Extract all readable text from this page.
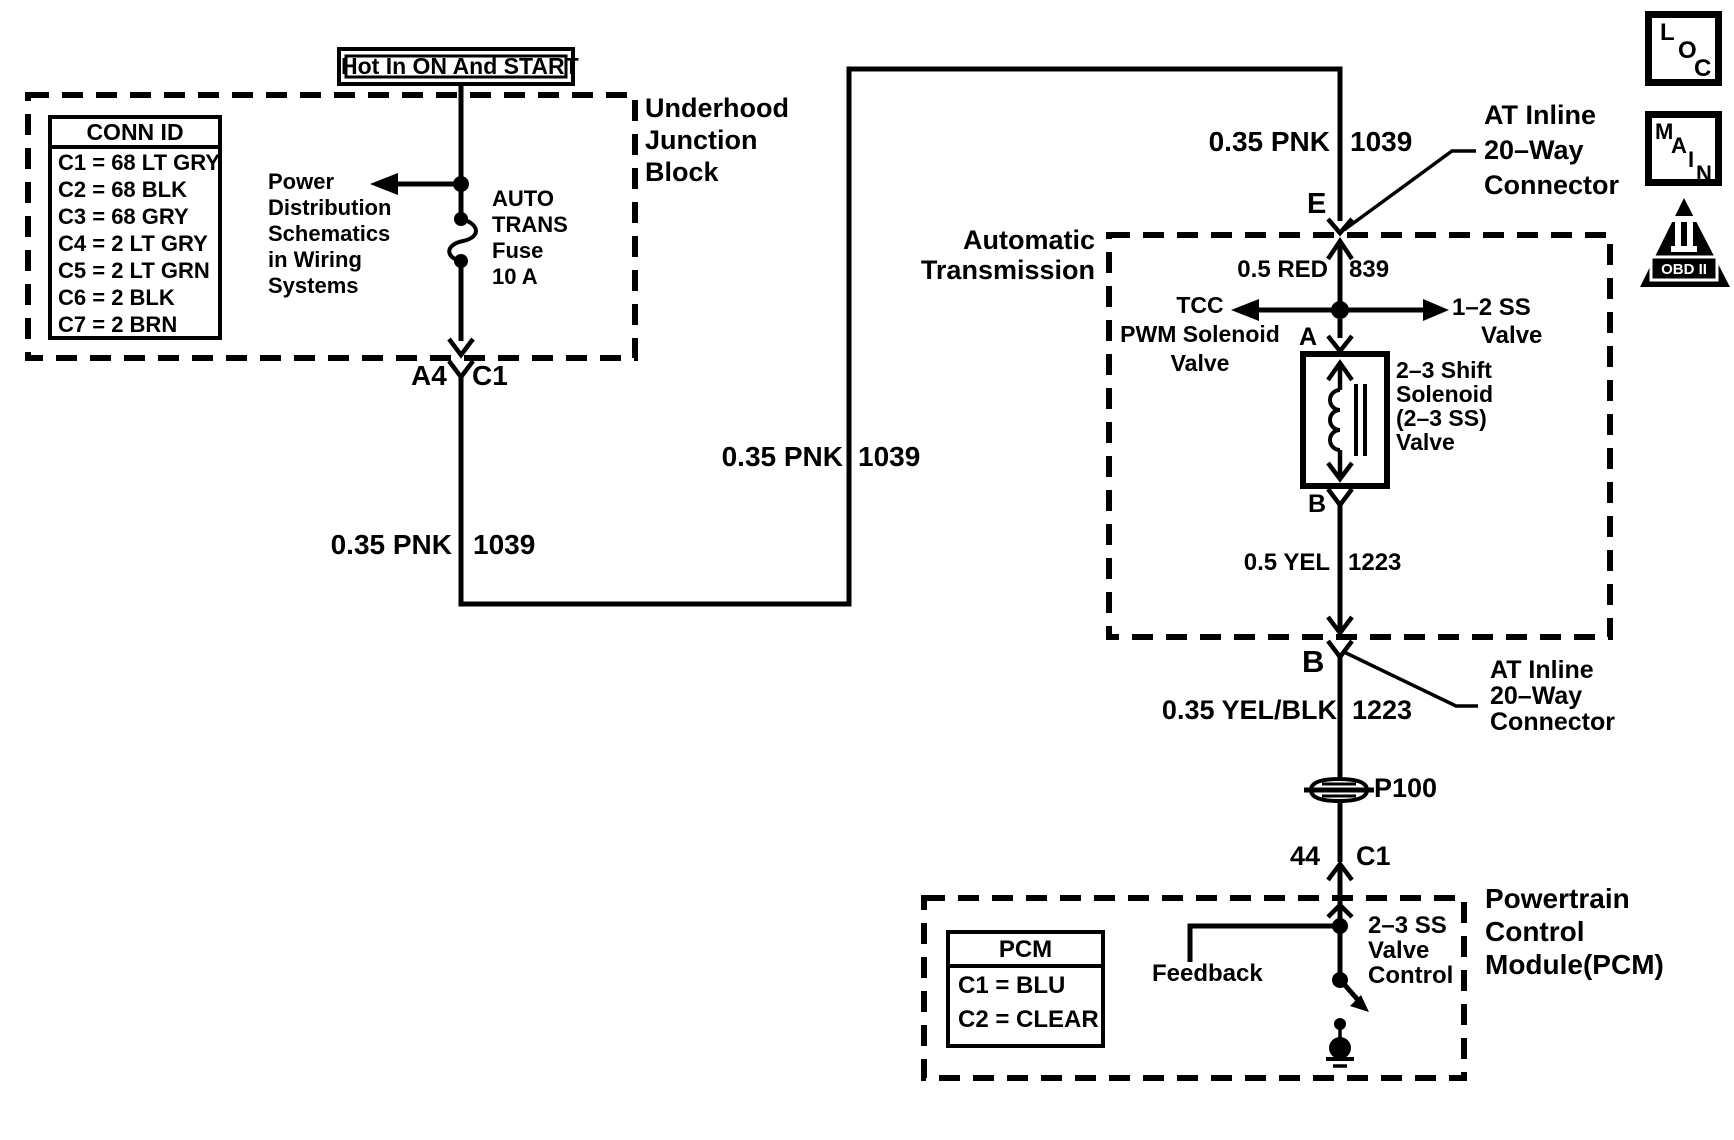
Hot In ON And START
Underhood
Junction
Block
CONN ID
C1 = 68 LT GRY
C2 = 68 BLK
C3 = 68 GRY
C4 = 2 LT GRY
C5 = 2 LT GRN
C6 = 2 BLK
C7 = 2 BRN
Power
Distribution
Schematics
in Wiring
Systems
AUTO
TRANS
Fuse
10 A
A4 C1
0.35 PNK 1039
0.35 PNK 1039
0.35 PNK 1039
0.5 RED 839
0.5 YEL 1223
0.35 YEL/BLK 1223
E
AT Inline
20–Way
Connector
Automatic
Transmission
TCC
PWM Solenoid
Valve
1–2 SS
Valve
A
B
2–3 Shift
Solenoid
(2–3 SS)
Valve
B	AT Inline
20–Way
Connector
P100
44 C1
Powertrain
Control
Module(PCM)
PCM
C1 = BLU
C2 = CLEAR
Feedback
2–3 SS
Valve
Control
L
O
C
M
A
I
N
OBD II
